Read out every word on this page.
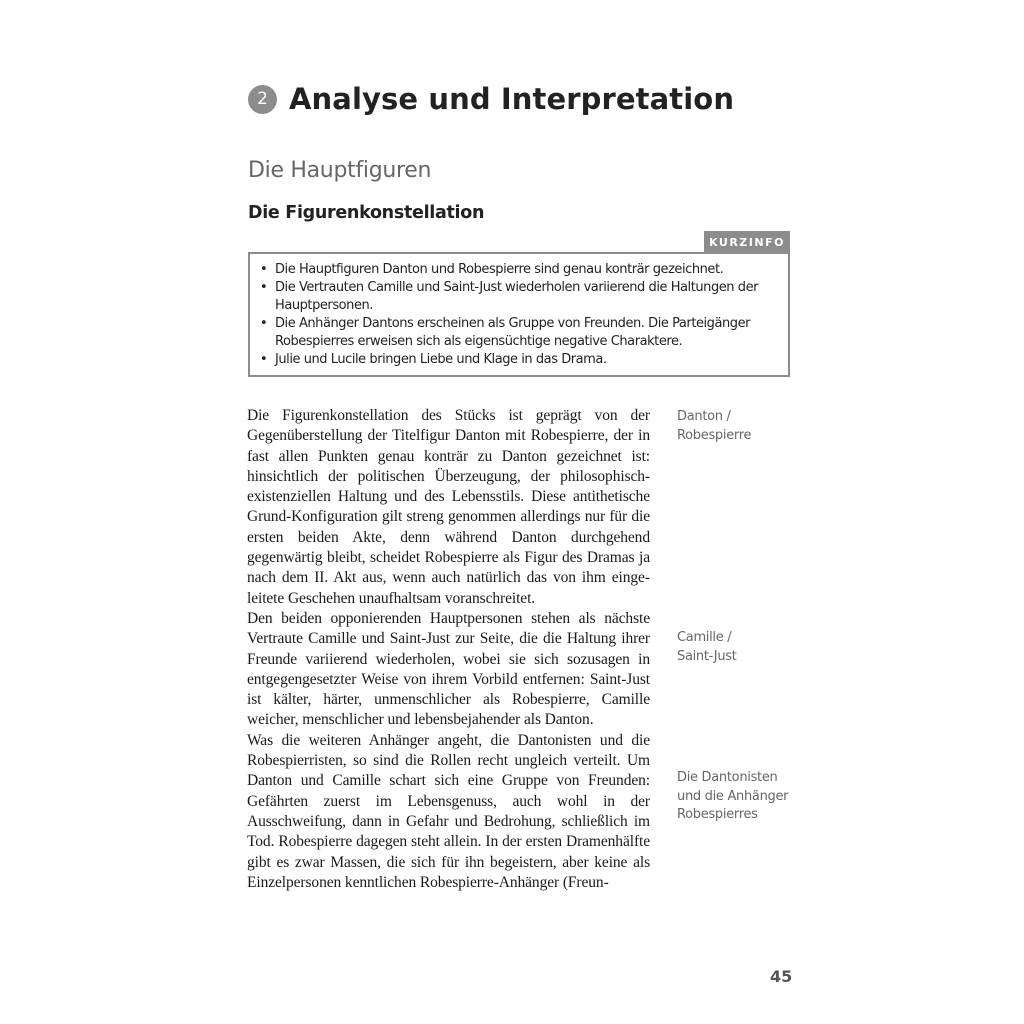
2 Analyse und Interpretation
Die Hauptfiguren
Die Figurenkonstellation
KURZINFO
• Die Hauptfiguren Danton und Robespierre sind genau konträr gezeichnet.
• Die Vertrauten Camille und Saint-Just wiederholen variierend die Haltungen der Hauptpersonen.
• Die Anhänger Dantons erscheinen als Gruppe von Freunden. Die Parteigänger Robespierres erweisen sich als eigensüchtige negative Charaktere.
• Julie und Lucile bringen Liebe und Klage in das Drama.

Die Figurenkonstellation des Stücks ist geprägt von der Gegenüberstellung der Titelfigur Danton mit Robespierre, der in fast allen Punkten genau konträr zu Danton gezeichnet ist: hinsichtlich der politischen Überzeugung, der philosophisch-existenziellen Haltung und des Lebensstils. Diese antithetische Grund-Konfiguration gilt streng genommen allerdings nur für die ersten beiden Akte, denn während Danton durchgehend gegenwärtig bleibt, scheidet Robespierre als Figur des Dramas ja nach dem II. Akt aus, wenn auch natürlich das von ihm eingeleitete Geschehen unaufhaltsam voranschreitet.

Den beiden opponierenden Hauptpersonen stehen als nächste Vertraute Camille und Saint-Just zur Seite, die die Haltung ihrer Freunde variierend wiederholen, wobei sie sich sozusagen in entgegengesetzter Weise von ihrem Vorbild entfernen: Saint-Just ist kälter, härter, unmenschlicher als Robespierre, Camille weicher, menschlicher und lebensbejahender als Danton.

Was die weiteren Anhänger angeht, die Dantonisten und die Robespierristen, so sind die Rollen recht ungleich verteilt. Um Danton und Camille schart sich eine Gruppe von Freunden: Gefährten zuerst im Lebensgenuss, auch wohl in der Ausschweifung, dann in Gefahr und Bedrohung, schließlich im Tod. Robespierre dagegen steht allein. In der ersten Dramenhälfte gibt es zwar Massen, die sich für ihn begeistern, aber keine als Einzelpersonen kenntlichen Robespierre-Anhänger (Freun-

Danton /
Robespierre
Camille /
Saint-Just
Die Dantonisten
und die Anhänger
Robespierres
45
